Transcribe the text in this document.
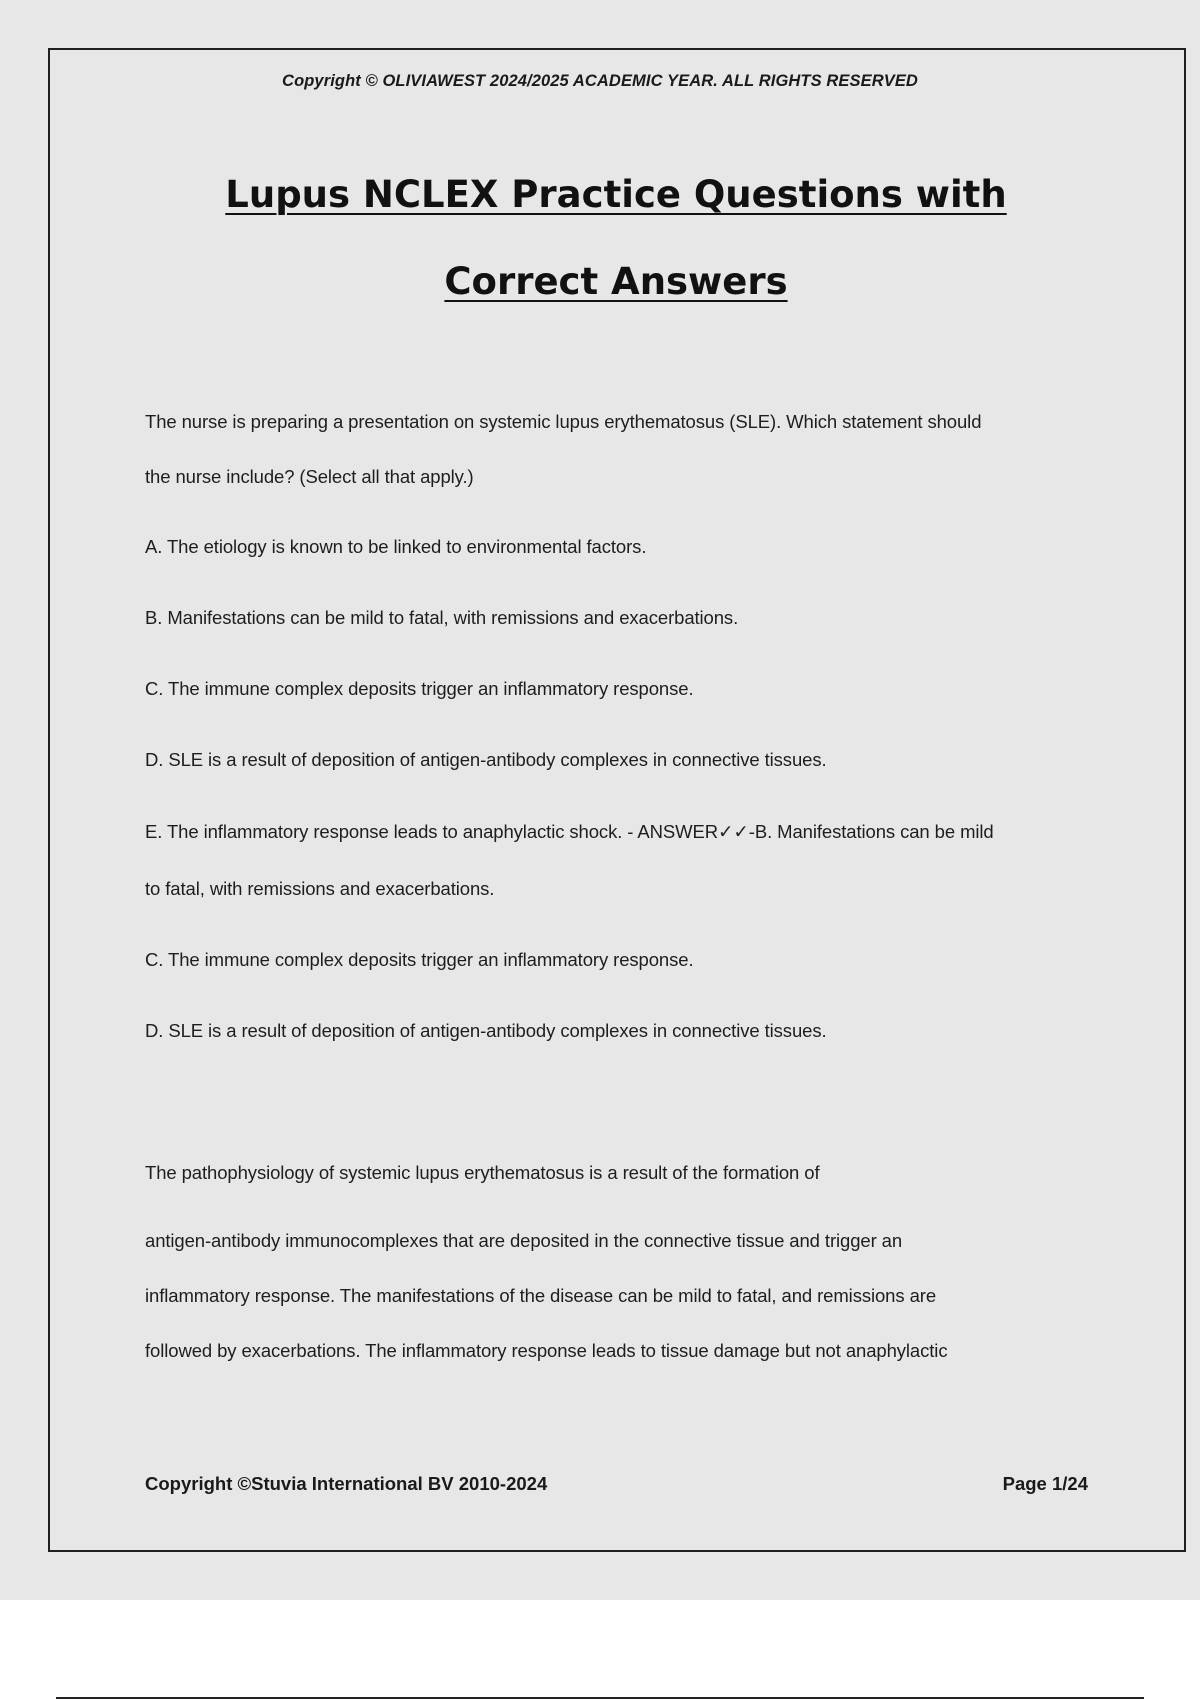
Copyright © OLIVIAWEST 2024/2025 ACADEMIC YEAR. ALL RIGHTS RESERVED
Lupus NCLEX Practice Questions with
Correct Answers
The nurse is preparing a presentation on systemic lupus erythematosus (SLE). Which statement should
the nurse include? (Select all that apply.)
A. The etiology is known to be linked to environmental factors.
B. Manifestations can be mild to fatal, with remissions and exacerbations.
C. The immune complex deposits trigger an inflammatory response.
D. SLE is a result of deposition of antigen-antibody complexes in connective tissues.
E. The inflammatory response leads to anaphylactic shock. - ANSWER✓✓-B. Manifestations can be mild
to fatal, with remissions and exacerbations.
C. The immune complex deposits trigger an inflammatory response.
D. SLE is a result of deposition of antigen-antibody complexes in connective tissues.
The pathophysiology of systemic lupus erythematosus is a result of the formation of
antigen-antibody immunocomplexes that are deposited in the connective tissue and trigger an
inflammatory response. The manifestations of the disease can be mild to fatal, and remissions are
followed by exacerbations. The inflammatory response leads to tissue damage but not anaphylactic
Copyright ©Stuvia International BV 2010-2024	Page 1/24
